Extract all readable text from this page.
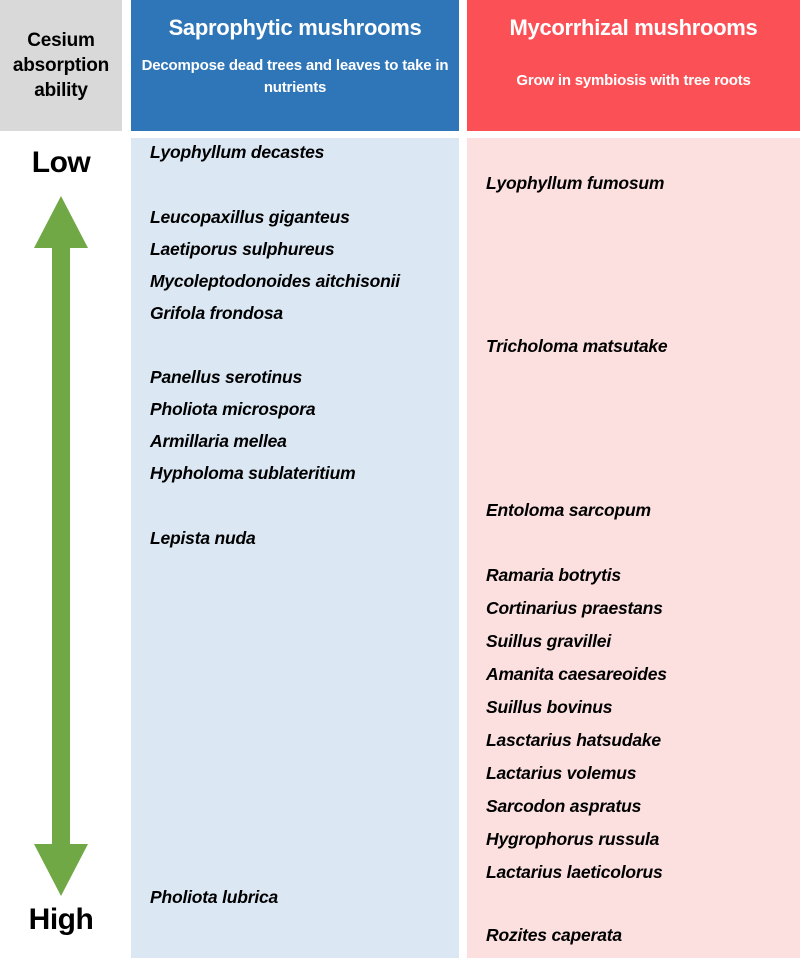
Cesium
absorption
ability
Saprophytic mushrooms
Decompose dead trees and leaves to take in nutrients
Mycorrhizal mushrooms
Grow in symbiosis with tree roots
Lyophyllum decastes
Leucopaxillus giganteus
Laetiporus sulphureus
Mycoleptodonoides aitchisonii
Grifola frondosa
Panellus serotinus
Pholiota microspora
Armillaria mellea
Hypholoma sublateritium
Lepista nuda
Pholiota lubrica
Lyophyllum fumosum
Tricholoma matsutake
Entoloma sarcopum
Ramaria botrytis
Cortinarius praestans
Suillus gravillei
Amanita caesareoides
Suillus bovinus
Lasctarius hatsudake
Lactarius volemus
Sarcodon aspratus
Hygrophorus russula
Lactarius laeticolorus
Rozites caperata
Low
High
